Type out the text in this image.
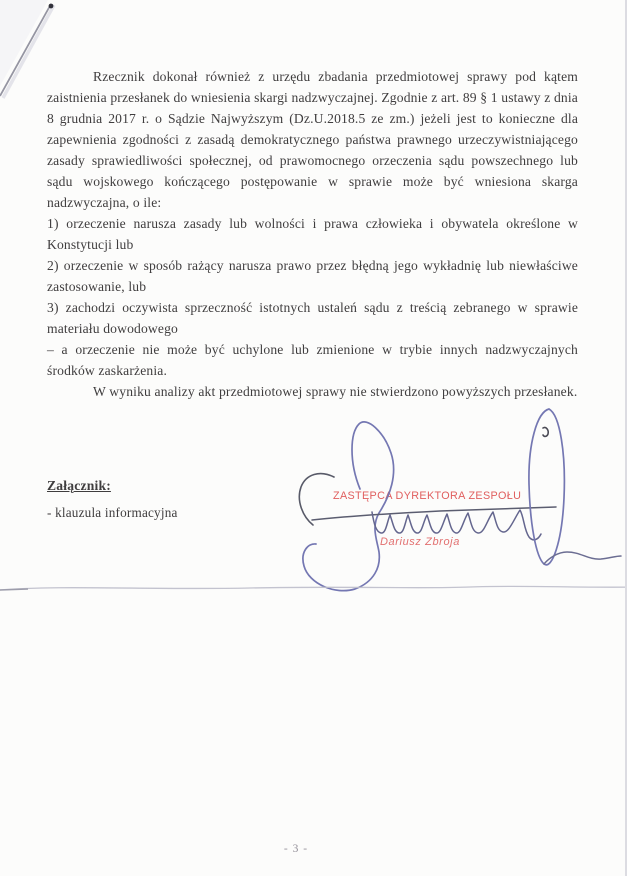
Rzecznik dokonał również z urzędu zbadania przedmiotowej sprawy pod kątem zaistnienia przesłanek do wniesienia skargi nadzwyczajnej. Zgodnie z art. 89 § 1 ustawy z dnia 8 grudnia 2017 r. o Sądzie Najwyższym (Dz.U.2018.5 ze zm.) jeżeli jest to konieczne dla zapewnienia zgodności z zasadą demokratycznego państwa prawnego urzeczywistniającego zasady sprawiedliwości społecznej, od prawomocnego orzeczenia sądu powszechnego lub sądu wojskowego kończącego postępowanie w sprawie może być wniesiona skarga nadzwyczajna, o ile:

1) orzeczenie narusza zasady lub wolności i prawa człowieka i obywatela określone w Konstytucji lub

2) orzeczenie w sposób rażący narusza prawo przez błędną jego wykładnię lub niewłaściwe zastosowanie, lub

3) zachodzi oczywista sprzeczność istotnych ustaleń sądu z treścią zebranego w sprawie materiału dowodowego

– a orzeczenie nie może być uchylone lub zmienione w trybie innych nadzwyczajnych środków zaskarżenia.

W wyniku analizy akt przedmiotowej sprawy nie stwierdzono powyższych przesłanek.

Załącznik:
- klauzula informacyjna
ZASTĘPCA DYREKTORA ZESPOŁU
Dariusz Zbroja
- 3 -
